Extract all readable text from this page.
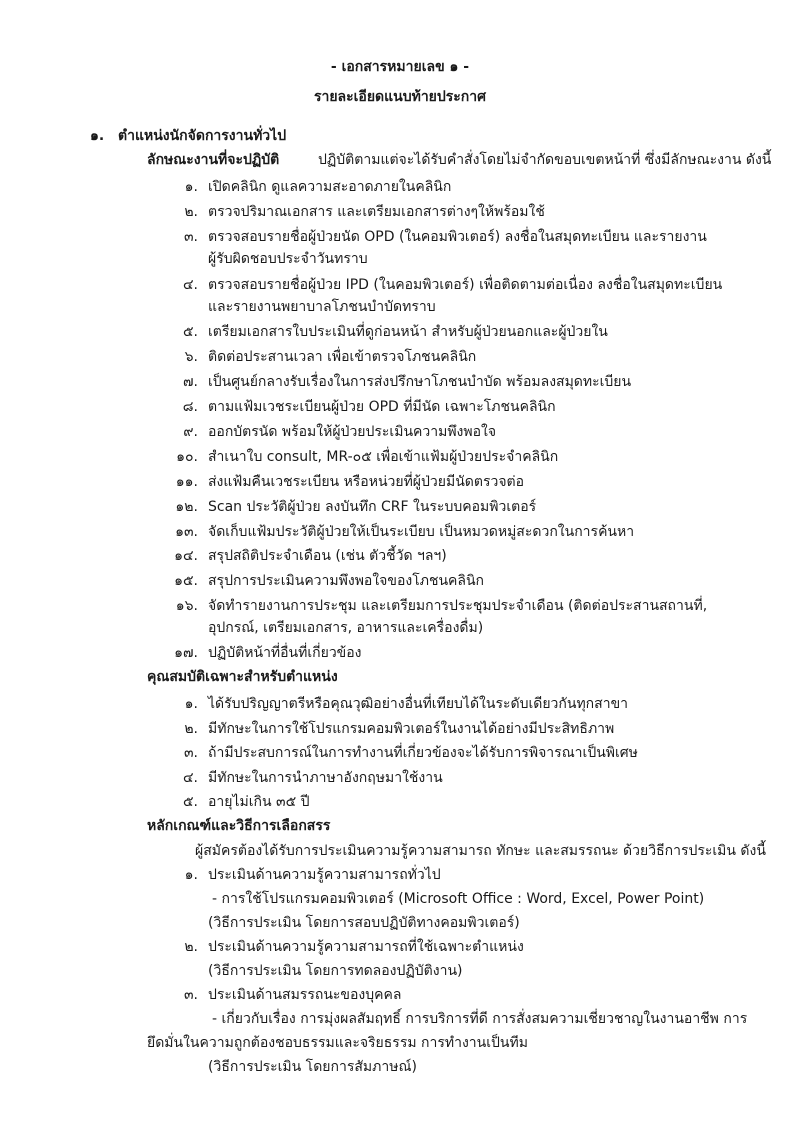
- เอกสารหมายเลข ๑ -
รายละเอียดแนบท้ายประกาศ
๑. ตำแหน่งนักจัดการงานทั่วไป
ลักษณะงานที่จะปฏิบัติ	ปฏิบัติตามแต่จะได้รับคำสั่งโดยไม่จำกัดขอบเขตหน้าที่ ซึ่งมีลักษณะงาน ดังนี้
๑. เปิดคลินิก ดูแลความสะอาดภายในคลินิก
๒. ตรวจปริมาณเอกสาร และเตรียมเอกสารต่างๆให้พร้อมใช้
๓. ตรวจสอบรายชื่อผู้ป่วยนัด OPD (ในคอมพิวเตอร์) ลงชื่อในสมุดทะเบียน และรายงาน
ผู้รับผิดชอบประจำวันทราบ
๔. ตรวจสอบรายชื่อผู้ป่วย IPD (ในคอมพิวเตอร์) เพื่อติดตามต่อเนื่อง ลงชื่อในสมุดทะเบียน
และรายงานพยาบาลโภชนบำบัดทราบ
๕. เตรียมเอกสารใบประเมินที่ดูก่อนหน้า สำหรับผู้ป่วยนอกและผู้ป่วยใน
๖. ติดต่อประสานเวลา เพื่อเข้าตรวจโภชนคลินิก
๗. เป็นศูนย์กลางรับเรื่องในการส่งปรึกษาโภชนบำบัด พร้อมลงสมุดทะเบียน
๘. ตามแฟ้มเวชระเบียนผู้ป่วย OPD ที่มีนัด เฉพาะโภชนคลินิก
๙. ออกบัตรนัด พร้อมให้ผู้ป่วยประเมินความพึงพอใจ
๑๐. สำเนาใบ consult, MR-๐๕ เพื่อเข้าแฟ้มผู้ป่วยประจำคลินิก
๑๑. ส่งแฟ้มคืนเวชระเบียน หรือหน่วยที่ผู้ป่วยมีนัดตรวจต่อ
๑๒. Scan ประวัติผู้ป่วย ลงบันทึก CRF ในระบบคอมพิวเตอร์
๑๓. จัดเก็บแฟ้มประวัติผู้ป่วยให้เป็นระเบียบ เป็นหมวดหมู่สะดวกในการค้นหา
๑๔. สรุปสถิติประจำเดือน (เช่น ตัวชี้วัด ฯลฯ)
๑๕. สรุปการประเมินความพึงพอใจของโภชนคลินิก
๑๖. จัดทำรายงานการประชุม และเตรียมการประชุมประจำเดือน (ติดต่อประสานสถานที่,
อุปกรณ์, เตรียมเอกสาร, อาหารและเครื่องดื่ม)
๑๗. ปฏิบัติหน้าที่อื่นที่เกี่ยวข้อง
คุณสมบัติเฉพาะสำหรับตำแหน่ง
๑. ได้รับปริญญาตรีหรือคุณวุฒิอย่างอื่นที่เทียบได้ในระดับเดียวกันทุกสาขา
๒. มีทักษะในการใช้โปรแกรมคอมพิวเตอร์ในงานได้อย่างมีประสิทธิภาพ
๓. ถ้ามีประสบการณ์ในการทำงานที่เกี่ยวข้องจะได้รับการพิจารณาเป็นพิเศษ
๔. มีทักษะในการนำภาษาอังกฤษมาใช้งาน
๕. อายุไม่เกิน ๓๕ ปี
หลักเกณฑ์และวิธีการเลือกสรร
ผู้สมัครต้องได้รับการประเมินความรู้ความสามารถ ทักษะ และสมรรถนะ ด้วยวิธีการประเมิน ดังนี้
๑. ประเมินด้านความรู้ความสามารถทั่วไป
- การใช้โปรแกรมคอมพิวเตอร์ (Microsoft Office : Word, Excel, Power Point)
(วิธีการประเมิน โดยการสอบปฏิบัติทางคอมพิวเตอร์)
๒. ประเมินด้านความรู้ความสามารถที่ใช้เฉพาะตำแหน่ง
(วิธีการประเมิน โดยการทดลองปฏิบัติงาน)
๓. ประเมินด้านสมรรถนะของบุคคล
- เกี่ยวกับเรื่อง การมุ่งผลสัมฤทธิ์ การบริการที่ดี การสั่งสมความเชี่ยวชาญในงานอาชีพ การ
ยึดมั่นในความถูกต้องชอบธรรมและจริยธรรม การทำงานเป็นทีม
(วิธีการประเมิน โดยการสัมภาษณ์)
